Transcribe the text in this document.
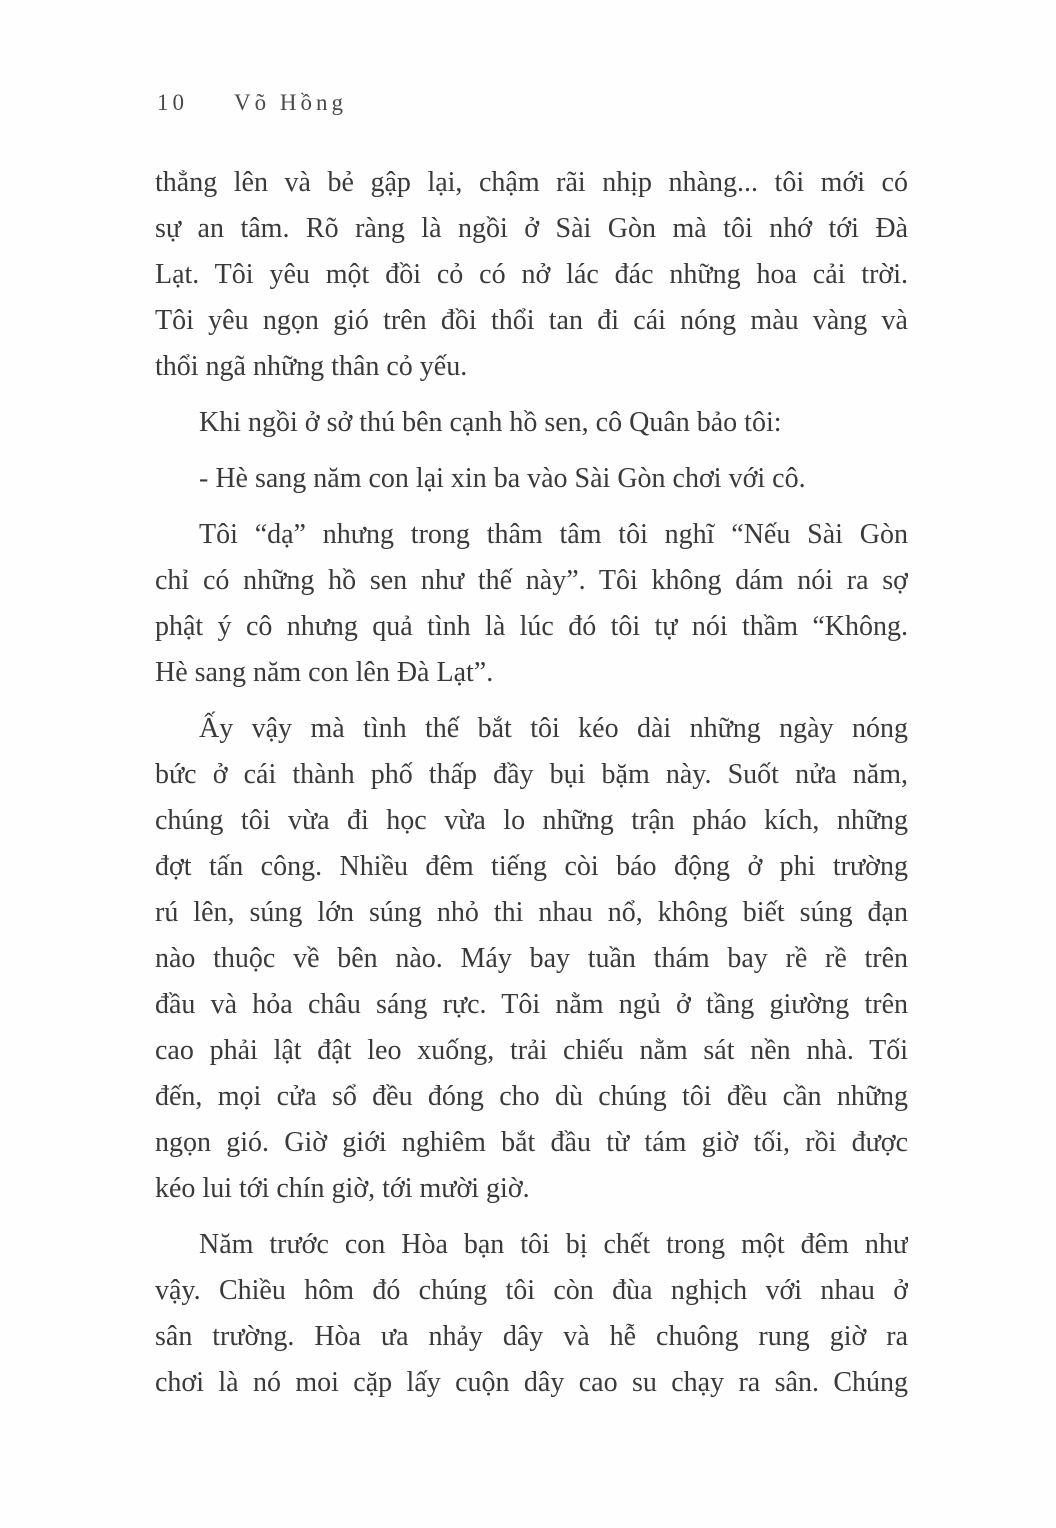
10 Võ Hồng
thẳng lên và bẻ gập lại, chậm rãi nhịp nhàng... tôi mới có
sự an tâm. Rõ ràng là ngồi ở Sài Gòn mà tôi nhớ tới Đà
Lạt. Tôi yêu một đồi cỏ có nở lác đác những hoa cải trời.
Tôi yêu ngọn gió trên đồi thổi tan đi cái nóng màu vàng và
thổi ngã những thân cỏ yếu.
Khi ngồi ở sở thú bên cạnh hồ sen, cô Quân bảo tôi:
- Hè sang năm con lại xin ba vào Sài Gòn chơi với cô.
Tôi “dạ” nhưng trong thâm tâm tôi nghĩ “Nếu Sài Gòn
chỉ có những hồ sen như thế này”. Tôi không dám nói ra sợ
phật ý cô nhưng quả tình là lúc đó tôi tự nói thầm “Không.
Hè sang năm con lên Đà Lạt”.
Ấy vậy mà tình thế bắt tôi kéo dài những ngày nóng
bức ở cái thành phố thấp đầy bụi bặm này. Suốt nửa năm,
chúng tôi vừa đi học vừa lo những trận pháo kích, những
đợt tấn công. Nhiều đêm tiếng còi báo động ở phi trường
rú lên, súng lớn súng nhỏ thi nhau nổ, không biết súng đạn
nào thuộc về bên nào. Máy bay tuần thám bay rề rề trên
đầu và hỏa châu sáng rực. Tôi nằm ngủ ở tầng giường trên
cao phải lật đật leo xuống, trải chiếu nằm sát nền nhà. Tối
đến, mọi cửa sổ đều đóng cho dù chúng tôi đều cần những
ngọn gió. Giờ giới nghiêm bắt đầu từ tám giờ tối, rồi được
kéo lui tới chín giờ, tới mười giờ.
Năm trước con Hòa bạn tôi bị chết trong một đêm như
vậy. Chiều hôm đó chúng tôi còn đùa nghịch với nhau ở
sân trường. Hòa ưa nhảy dây và hễ chuông rung giờ ra
chơi là nó moi cặp lấy cuộn dây cao su chạy ra sân. Chúng
